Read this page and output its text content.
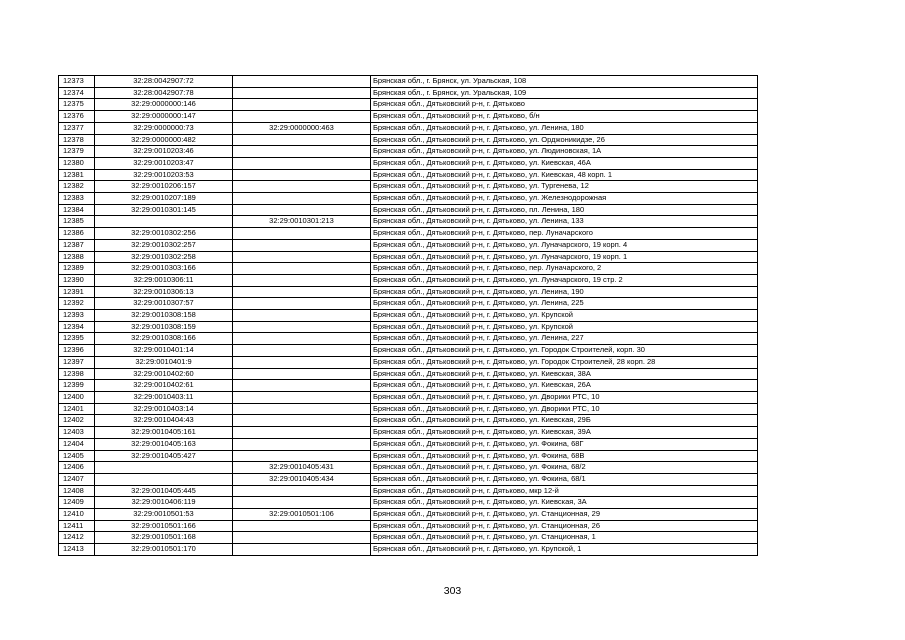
12373	32:28:0042907:72		Брянская обл., г. Брянск, ул. Уральская, 108
12374	32:28:0042907:78		Брянская обл., г. Брянск, ул. Уральская, 109
12375	32:29:0000000:146		Брянская обл., Дятьковский р-н, г. Дятьково
12376	32:29:0000000:147		Брянская обл., Дятьковский р-н, г. Дятьково, б/н
12377	32:29:0000000:73	32:29:0000000:463	Брянская обл., Дятьковский р-н, г. Дятьково, ул. Ленина, 180
12378	32:29:0000000:482		Брянская обл., Дятьковский р-н, г. Дятьково, ул. Орджоникидзе, 26
12379	32:29:0010203:46		Брянская обл., Дятьковский р-н, г. Дятьково, ул. Людиновская, 1А
12380	32:29:0010203:47		Брянская обл., Дятьковский р-н, г. Дятьково, ул. Киевская, 46А
12381	32:29:0010203:53		Брянская обл., Дятьковский р-н, г. Дятьково, ул. Киевская, 48 корп. 1
12382	32:29:0010206:157		Брянская обл., Дятьковский р-н, г. Дятьково, ул. Тургенева, 12
12383	32:29:0010207:189		Брянская обл., Дятьковский р-н, г. Дятьково, ул. Железнодорожная
12384	32:29:0010301:145		Брянская обл., Дятьковский р-н, г. Дятьково, пл. Ленина, 180
12385		32:29:0010301:213	Брянская обл., Дятьковский р-н, г. Дятьково, ул. Ленина, 133
12386	32:29:0010302:256		Брянская обл., Дятьковский р-н, г. Дятьково, пер. Луначарского
12387	32:29:0010302:257		Брянская обл., Дятьковский р-н, г. Дятьково, ул. Луначарского, 19 корп. 4
12388	32:29:0010302:258		Брянская обл., Дятьковский р-н, г. Дятьково, ул. Луначарского, 19 корп. 1
12389	32:29:0010303:166		Брянская обл., Дятьковский р-н, г. Дятьково, пер. Луначарского, 2
12390	32:29:0010306:11		Брянская обл., Дятьковский р-н, г. Дятьково, ул. Луначарского, 19 стр. 2
12391	32:29:0010306:13		Брянская обл., Дятьковский р-н, г. Дятьково, ул. Ленина, 190
12392	32:29:0010307:57		Брянская обл., Дятьковский р-н, г. Дятьково, ул. Ленина, 225
12393	32:29:0010308:158		Брянская обл., Дятьковский р-н, г. Дятьково, ул. Крупской
12394	32:29:0010308:159		Брянская обл., Дятьковский р-н, г. Дятьково, ул. Крупской
12395	32:29:0010308:166		Брянская обл., Дятьковский р-н, г. Дятьково, ул. Ленина, 227
12396	32:29:0010401:14		Брянская обл., Дятьковский р-н, г. Дятьково, ул. Городок Строителей, корп. 30
12397	32:29:0010401:9		Брянская обл., Дятьковский р-н, г. Дятьково, ул. Городок Строителей, 28 корп. 28
12398	32:29:0010402:60		Брянская обл., Дятьковский р-н, г. Дятьково, ул. Киевская, 38А
12399	32:29:0010402:61		Брянская обл., Дятьковский р-н, г. Дятьково, ул. Киевская, 26А
12400	32:29:0010403:11		Брянская обл., Дятьковский р-н, г. Дятьково, ул. Дворики РТС, 10
12401	32:29:0010403:14		Брянская обл., Дятьковский р-н, г. Дятьково, ул. Дворики РТС, 10
12402	32:29:0010404:43		Брянская обл., Дятьковский р-н, г. Дятьково, ул. Киевская, 29Б
12403	32:29:0010405:161		Брянская обл., Дятьковский р-н, г. Дятьково, ул. Киевская, 39А
12404	32:29:0010405:163		Брянская обл., Дятьковский р-н, г. Дятьково, ул. Фокина, 68Г
12405	32:29:0010405:427		Брянская обл., Дятьковский р-н, г. Дятьково, ул. Фокина, 68В
12406		32:29:0010405:431	Брянская обл., Дятьковский р-н, г. Дятьково, ул. Фокина, 68/2
12407		32:29:0010405:434	Брянская обл., Дятьковский р-н, г. Дятьково, ул. Фокина, 68/1
12408	32:29:0010405:445		Брянская обл., Дятьковский р-н, г. Дятьково, мкр 12-й
12409	32:29:0010406:119		Брянская обл., Дятьковский р-н, г. Дятьково, ул. Киевская, 3А
12410	32:29:0010501:53	32:29:0010501:106	Брянская обл., Дятьковский р-н, г. Дятьково, ул. Станционная, 29
12411	32:29:0010501:166		Брянская обл., Дятьковский р-н, г. Дятьково, ул. Станционная, 26
12412	32:29:0010501:168		Брянская обл., Дятьковский р-н, г. Дятьково, ул. Станционная, 1
12413	32:29:0010501:170		Брянская обл., Дятьковский р-н, г. Дятьково, ул. Крупской, 1
303
